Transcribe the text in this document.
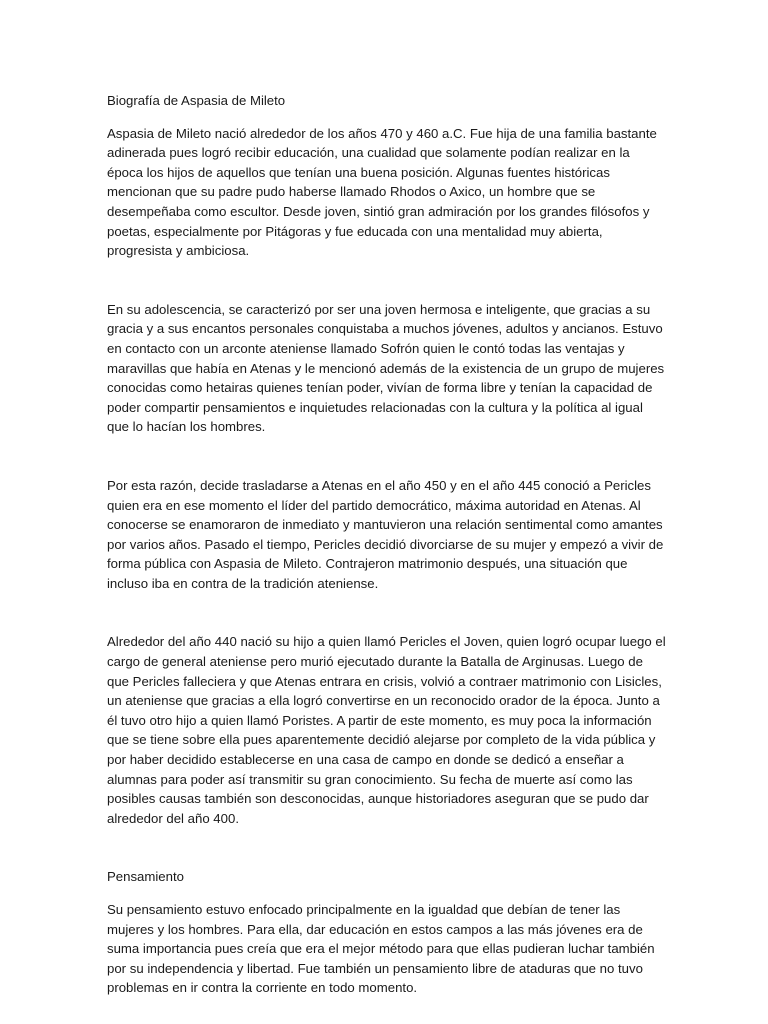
Biografía de Aspasia de Mileto

Aspasia de Mileto nació alrededor de los años 470 y 460 a.C. Fue hija de una familia bastante adinerada pues logró recibir educación, una cualidad que solamente podían realizar en la época los hijos de aquellos que tenían una buena posición. Algunas fuentes históricas mencionan que su padre pudo haberse llamado Rhodos o Axico, un hombre que se desempeñaba como escultor. Desde joven, sintió gran admiración por los grandes filósofos y poetas, especialmente por Pitágoras y fue educada con una mentalidad muy abierta, progresista y ambiciosa.

En su adolescencia, se caracterizó por ser una joven hermosa e inteligente, que gracias a su gracia y a sus encantos personales conquistaba a muchos jóvenes, adultos y ancianos. Estuvo en contacto con un arconte ateniense llamado Sofrón quien le contó todas las ventajas y maravillas que había en Atenas y le mencionó además de la existencia de un grupo de mujeres conocidas como hetairas quienes tenían poder, vivían de forma libre y tenían la capacidad de poder compartir pensamientos e inquietudes relacionadas con la cultura y la política al igual que lo hacían los hombres.

Por esta razón, decide trasladarse a Atenas en el año 450 y en el año 445 conoció a Pericles quien era en ese momento el líder del partido democrático, máxima autoridad en Atenas. Al conocerse se enamoraron de inmediato y mantuvieron una relación sentimental como amantes por varios años. Pasado el tiempo, Pericles decidió divorciarse de su mujer y empezó a vivir de forma pública con Aspasia de Mileto. Contrajeron matrimonio después, una situación que incluso iba en contra de la tradición ateniense.

Alrededor del año 440 nació su hijo a quien llamó Pericles el Joven, quien logró ocupar luego el cargo de general ateniense pero murió ejecutado durante la Batalla de Arginusas. Luego de que Pericles falleciera y que Atenas entrara en crisis, volvió a contraer matrimonio con Lisicles, un ateniense que gracias a ella logró convertirse en un reconocido orador de la época. Junto a él tuvo otro hijo a quien llamó Poristes. A partir de este momento, es muy poca la información que se tiene sobre ella pues aparentemente decidió alejarse por completo de la vida pública y por haber decidido establecerse en una casa de campo en donde se dedicó a enseñar a alumnas para poder así transmitir su gran conocimiento. Su fecha de muerte así como las posibles causas también son desconocidas, aunque historiadores aseguran que se pudo dar alrededor del año 400.

Pensamiento

Su pensamiento estuvo enfocado principalmente en la igualdad que debían de tener las mujeres y los hombres. Para ella, dar educación en estos campos a las más jóvenes era de suma importancia pues creía que era el mejor método para que ellas pudieran luchar también por su independencia y libertad. Fue también un pensamiento libre de ataduras que no tuvo problemas en ir contra la corriente en todo momento.
